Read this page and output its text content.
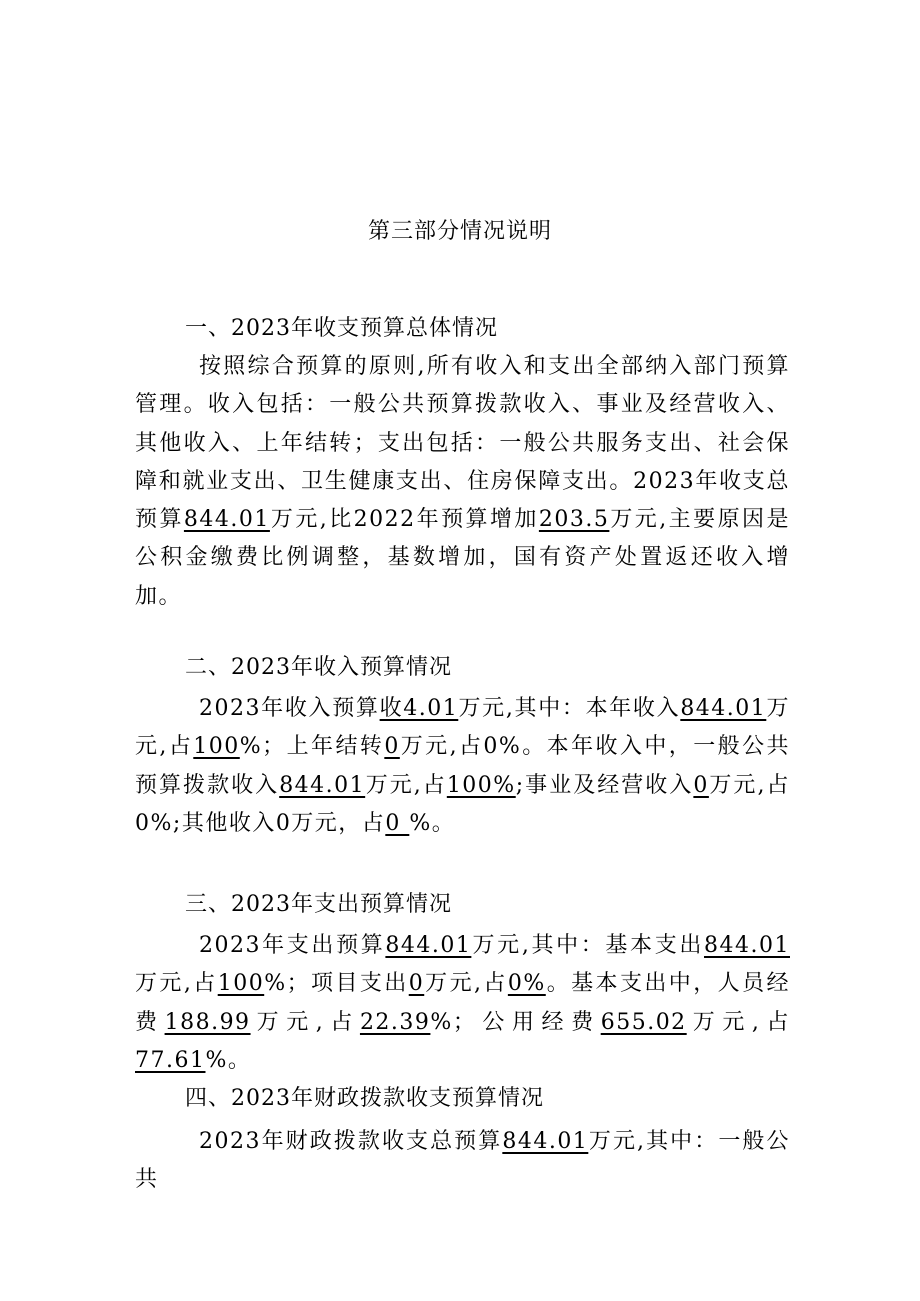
第三部分情况说明
一、2023年收支预算总体情况

按照综合预算的原则,所有收入和支出全部纳入部门预算管理。收入包括：一般公共预算拨款收入、事业及经营收入、其他收入、上年结转；支出包括：一般公共服务支出、社会保障和就业支出、卫生健康支出、住房保障支出。2023年收支总预算844.01万元,比2022年预算增加203.5万元,主要原因是公积金缴费比例调整，基数增加，国有资产处置返还收入增加。

二、2023年收入预算情况

2023年收入预算收4.01万元,其中：本年收入844.01万元,占100%；上年结转0万元,占0%。本年收入中，一般公共预算拨款收入844.01万元,占100%;事业及经营收入0万元,占0%;其他收入0万元，占0 %。

三、2023年支出预算情况

2023年支出预算844.01万元,其中：基本支出844.01万元,占100%；项目支出0万元,占0%。基本支出中，人员经费188.99万元,占22.39%；公用经费655.02万元,占77.61%。

四、2023年财政拨款收支预算情况

2023年财政拨款收支总预算844.01万元,其中：一般公共
